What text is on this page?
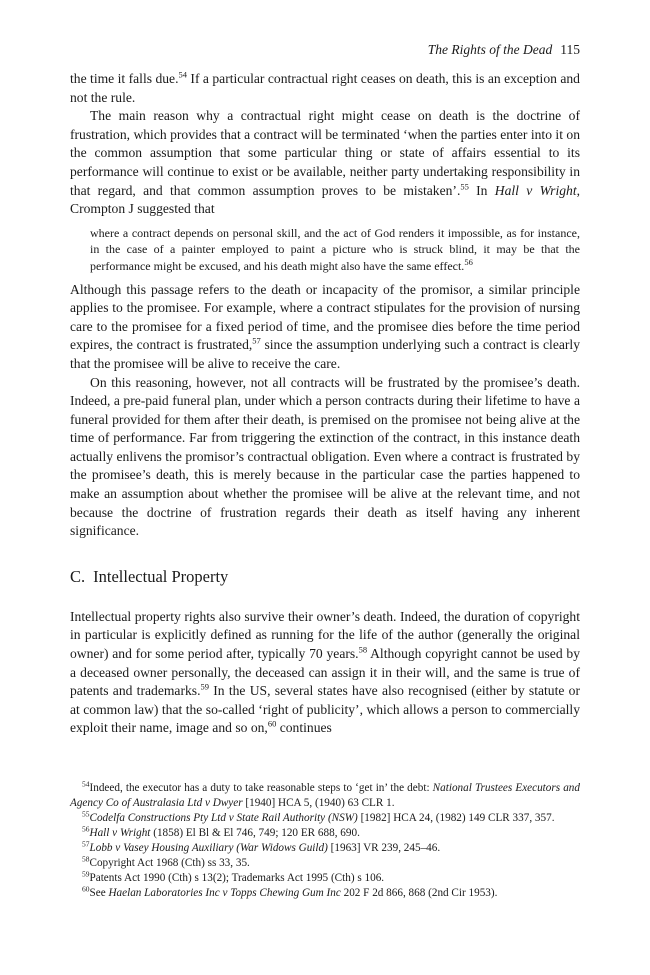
The Rights of the Dead 115

the time it falls due.$^{54}$ If a particular contractual right ceases on death, this is an exception and not the rule.

The main reason why a contractual right might cease on death is the doctrine of frustration, which provides that a contract will be terminated ‘when the parties enter into it on the common assumption that some particular thing or state of affairs essential to its performance will continue to exist or be available, neither party undertaking responsibility in that regard, and that common assumption proves to be mistaken’.$^{55}$ In Hall v Wright, Crompton J suggested that

where a contract depends on personal skill, and the act of God renders it impossible, as for instance, in the case of a painter employed to paint a picture who is struck blind, it may be that the performance might be excused, and his death might also have the same effect.$^{56}$

Although this passage refers to the death or incapacity of the promisor, a similar principle applies to the promisee. For example, where a contract stipulates for the provision of nursing care to the promisee for a fixed period of time, and the promisee dies before the time period expires, the contract is frustrated,$^{57}$ since the assumption underlying such a contract is clearly that the promisee will be alive to receive the care.

On this reasoning, however, not all contracts will be frustrated by the promisee’s death. Indeed, a pre-paid funeral plan, under which a person contracts during their lifetime to have a funeral provided for them after their death, is premised on the promisee not being alive at the time of performance. Far from triggering the extinction of the contract, in this instance death actually enlivens the promisor’s contractual obligation. Even where a contract is frustrated by the promisee’s death, this is merely because in the particular case the parties happened to make an assumption about whether the promisee will be alive at the relevant time, and not because the doctrine of frustration regards their death as itself having any inherent significance.

C. Intellectual Property

Intellectual property rights also survive their owner’s death. Indeed, the duration of copyright in particular is explicitly defined as running for the life of the author (generally the original owner) and for some period after, typically 70 years.$^{58}$ Although copyright cannot be used by a deceased owner personally, the deceased can assign it in their will, and the same is true of patents and trademarks.$^{59}$ In the US, several states have also recognised (either by statute or at common law) that the so-called ‘right of publicity’, which allows a person to commercially exploit their name, image and so on,$^{60}$ continues

$^{54}$Indeed, the executor has a duty to take reasonable steps to ‘get in’ the debt: National Trustees Executors and Agency Co of Australasia Ltd v Dwyer [1940] HCA 5, (1940) 63 CLR 1.

$^{55}$Codelfa Constructions Pty Ltd v State Rail Authority (NSW) [1982] HCA 24, (1982) 149 CLR 337, 357.

$^{56}$Hall v Wright (1858) El Bl & El 746, 749; 120 ER 688, 690.

$^{57}$Lobb v Vasey Housing Auxiliary (War Widows Guild) [1963] VR 239, 245–46.

$^{58}$Copyright Act 1968 (Cth) ss 33, 35.

$^{59}$Patents Act 1990 (Cth) s 13(2); Trademarks Act 1995 (Cth) s 106.

$^{60}$See Haelan Laboratories Inc v Topps Chewing Gum Inc 202 F 2d 866, 868 (2nd Cir 1953).
